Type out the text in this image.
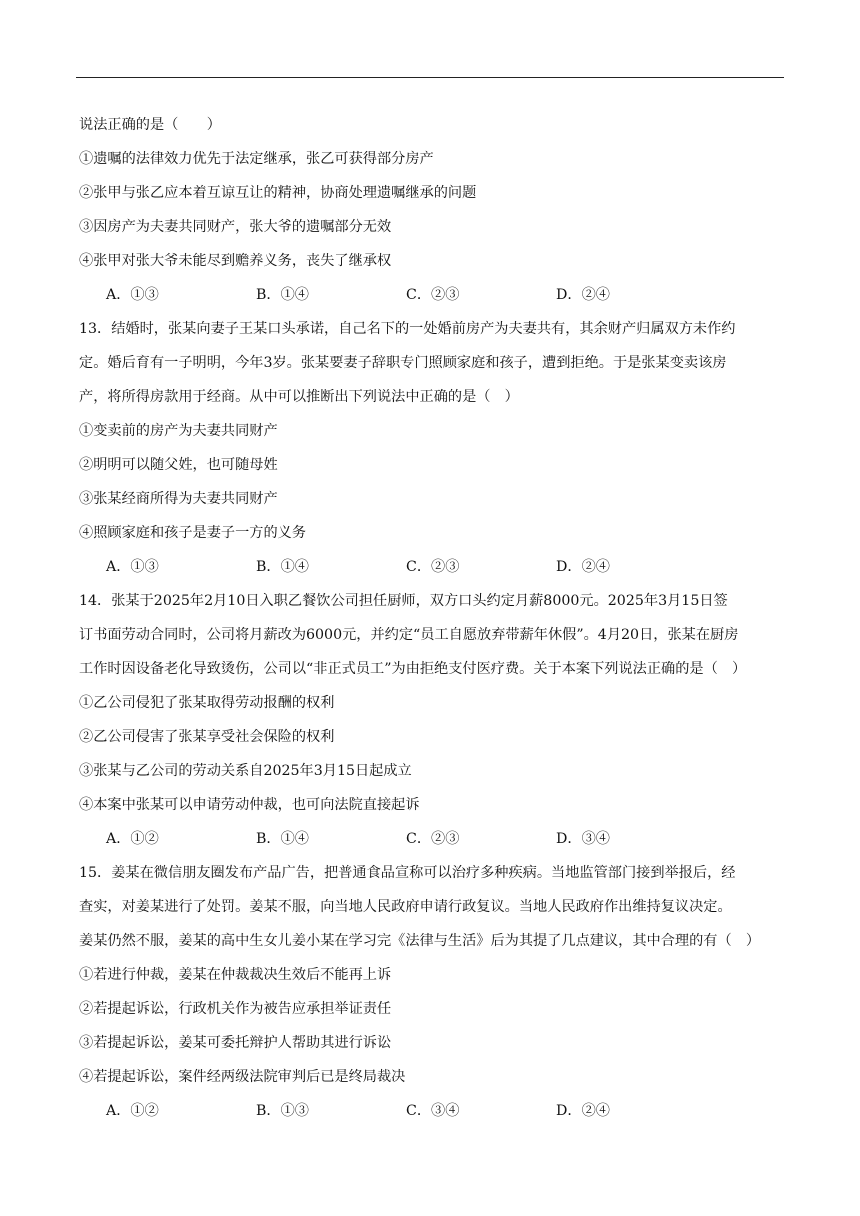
说法正确的是（　　）
①遗嘱的法律效力优先于法定继承，张乙可获得部分房产
②张甲与张乙应本着互谅互让的精神，协商处理遗嘱继承的问题
③因房产为夫妻共同财产，张大爷的遗嘱部分无效
④张甲对张大爷未能尽到赡养义务，丧失了继承权
A．①③	B．①④	C．②③	D．②④
13．结婚时，张某向妻子王某口头承诺，自己名下的一处婚前房产为夫妻共有，其余财产归属双方未作约
定。婚后育有一子明明，今年3岁。张某要妻子辞职专门照顾家庭和孩子，遭到拒绝。于是张某变卖该房
产，将所得房款用于经商。从中可以推断出下列说法中正确的是（　）
①变卖前的房产为夫妻共同财产
②明明可以随父姓，也可随母姓
③张某经商所得为夫妻共同财产
④照顾家庭和孩子是妻子一方的义务
A．①③	B．①④	C．②③	D．②④
14．张某于2025年2月10日入职乙餐饮公司担任厨师，双方口头约定月薪8000元。2025年3月15日签
订书面劳动合同时，公司将月薪改为6000元，并约定“员工自愿放弃带薪年休假”。4月20日，张某在厨房
工作时因设备老化导致烫伤，公司以“非正式员工”为由拒绝支付医疗费。关于本案下列说法正确的是（　）
①乙公司侵犯了张某取得劳动报酬的权利
②乙公司侵害了张某享受社会保险的权利
③张某与乙公司的劳动关系自2025年3月15日起成立
④本案中张某可以申请劳动仲裁，也可向法院直接起诉
A．①②	B．①④	C．②③	D．③④
15．姜某在微信朋友圈发布产品广告，把普通食品宣称可以治疗多种疾病。当地监管部门接到举报后，经
查实，对姜某进行了处罚。姜某不服，向当地人民政府申请行政复议。当地人民政府作出维持复议决定。
姜某仍然不服，姜某的高中生女儿姜小某在学习完《法律与生活》后为其提了几点建议，其中合理的有（　）
①若进行仲裁，姜某在仲裁裁决生效后不能再上诉
②若提起诉讼，行政机关作为被告应承担举证责任
③若提起诉讼，姜某可委托辩护人帮助其进行诉讼
④若提起诉讼，案件经两级法院审判后已是终局裁决
A．①②	B．①③	C．③④	D．②④
